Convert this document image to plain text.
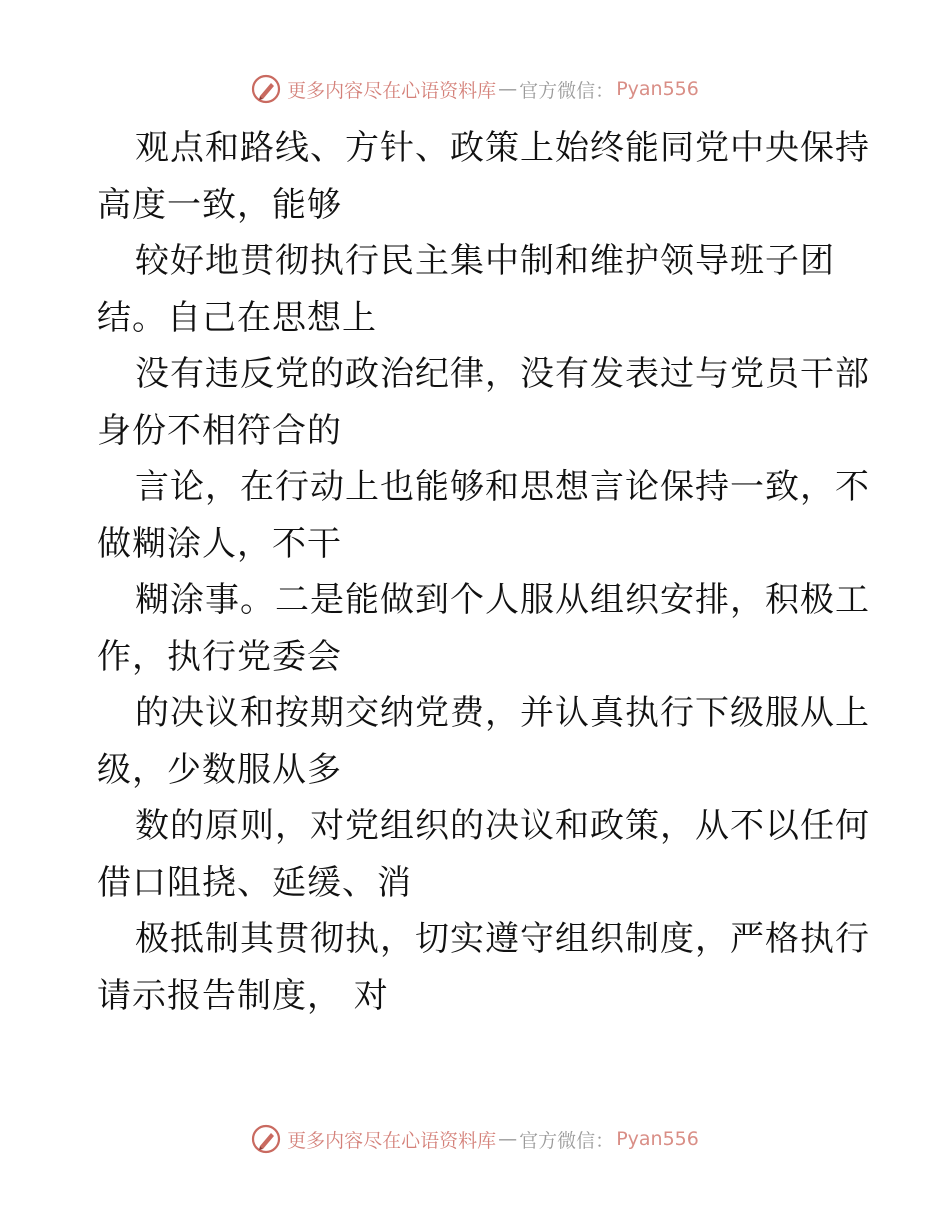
更多内容尽在心语资料库 — 官方微信： Pyan556
观点和路线、方针、政策上始终能同党中央保持
高度一致，能够
较好地贯彻执行民主集中制和维护领导班子团
结。自己在思想上
没有违反党的政治纪律，没有发表过与党员干部
身份不相符合的
言论，在行动上也能够和思想言论保持一致，不
做糊涂人，不干
糊涂事。二是能做到个人服从组织安排，积极工
作，执行党委会
的决议和按期交纳党费，并认真执行下级服从上
级，少数服从多
数的原则，对党组织的决议和政策，从不以任何
借口阻挠、延缓、消
极抵制其贯彻执，切实遵守组织制度，严格执行
请示报告制度， 对
更多内容尽在心语资料库 — 官方微信： Pyan556
